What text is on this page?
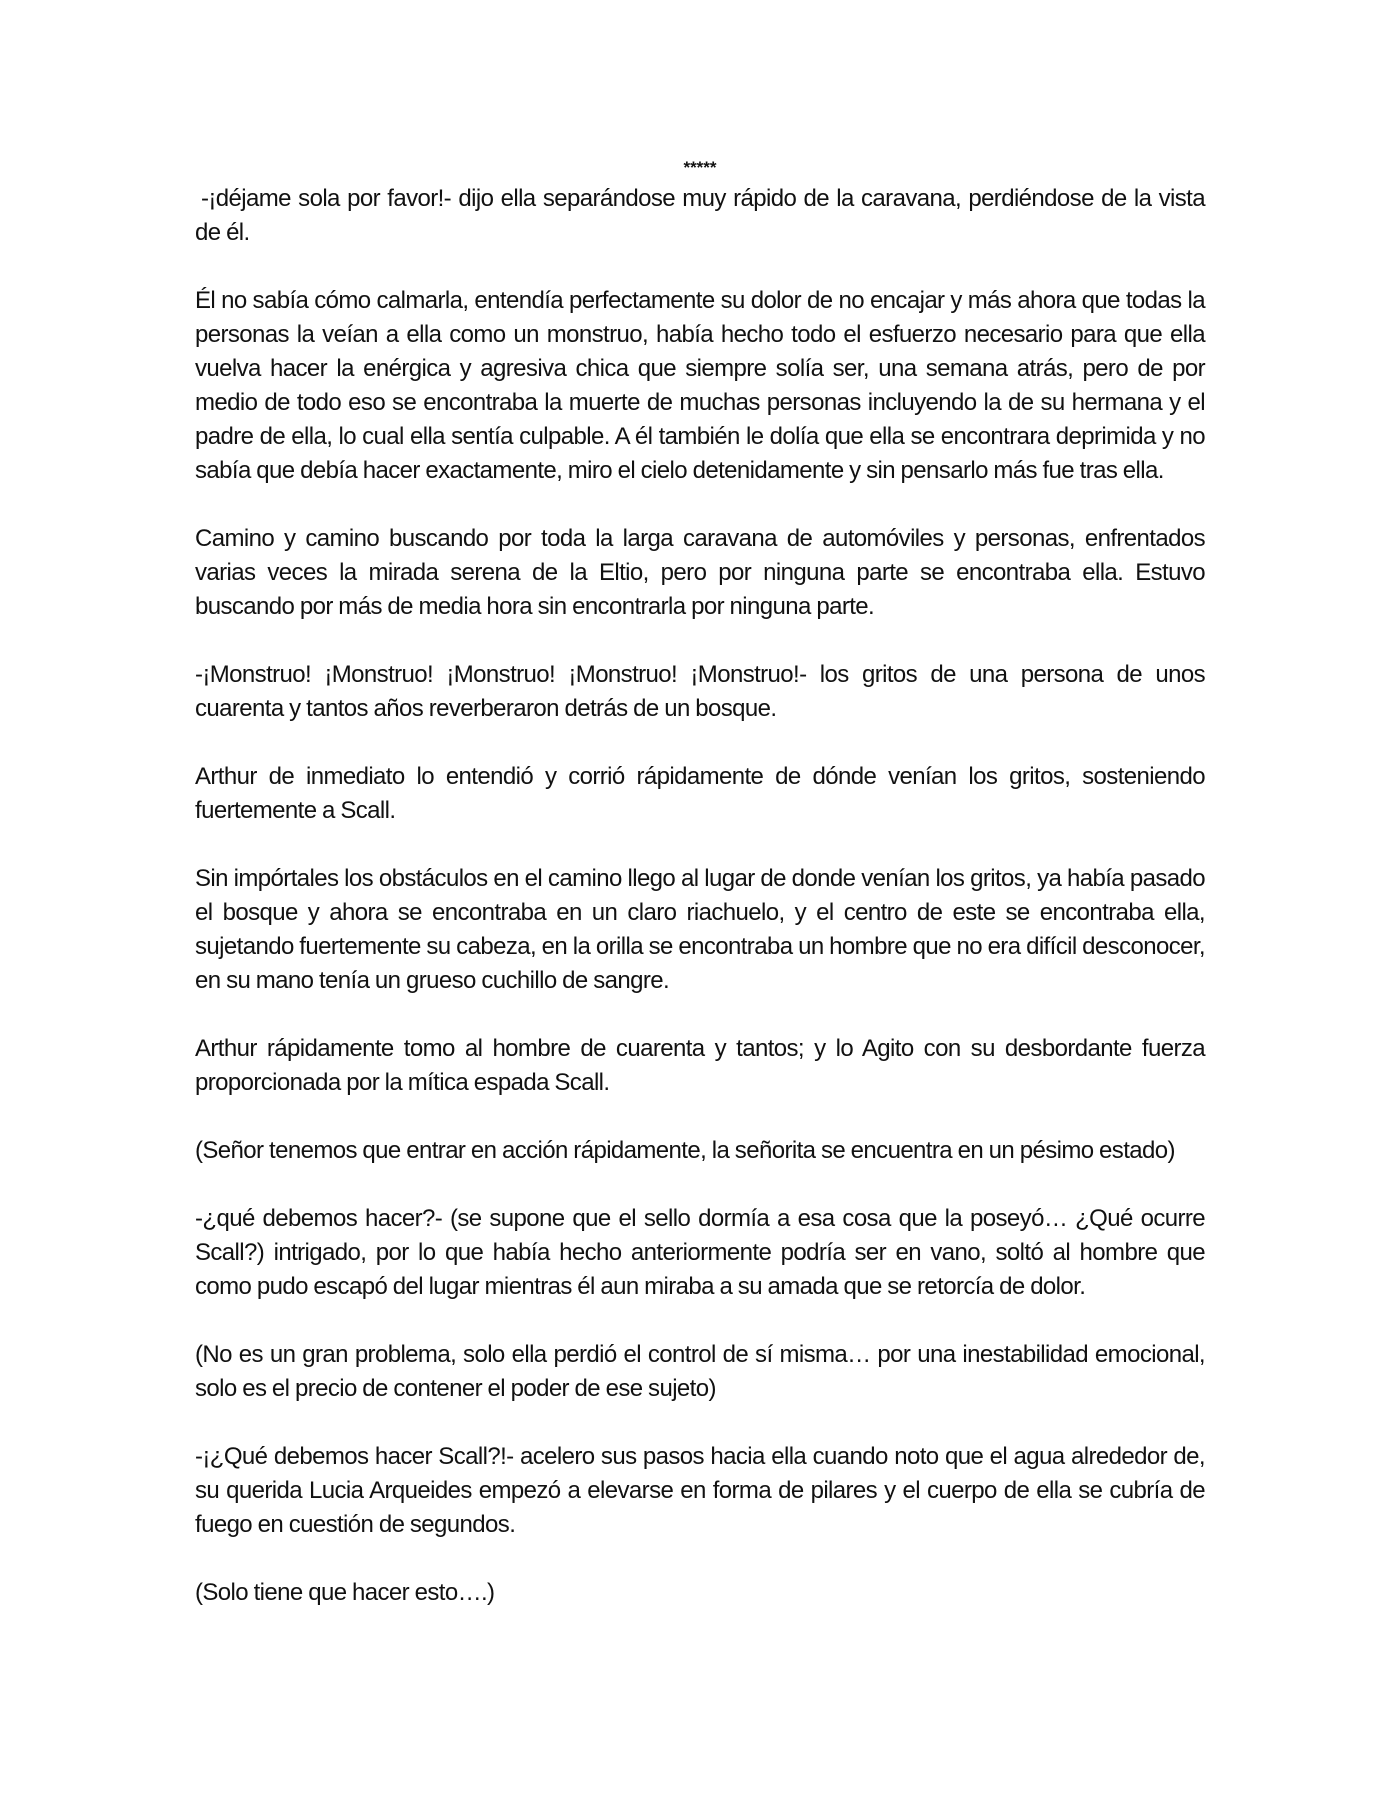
*****

-¡déjame sola por favor!- dijo ella separándose muy rápido de la caravana, perdiéndose de la vista de él.

Él no sabía cómo calmarla, entendía perfectamente su dolor de no encajar y más ahora que todas la personas la veían a ella como un monstruo, había hecho todo el esfuerzo necesario para que ella vuelva hacer la enérgica y agresiva chica que siempre solía ser, una semana atrás, pero de por medio de todo eso se encontraba la muerte de muchas personas incluyendo la de su hermana y el padre de ella, lo cual ella sentía culpable. A él también le dolía que ella se encontrara deprimida y no sabía que debía hacer exactamente, miro el cielo detenidamente y sin pensarlo más fue tras ella.

Camino y camino buscando por toda la larga caravana de automóviles y personas, enfrentados varias veces la mirada serena de la Eltio, pero por ninguna parte se encontraba ella. Estuvo buscando por más de media hora sin encontrarla por ninguna parte.

-¡Monstruo! ¡Monstruo! ¡Monstruo! ¡Monstruo! ¡Monstruo!- los gritos de una persona de unos cuarenta y tantos años reverberaron detrás de un bosque.

Arthur de inmediato lo entendió y corrió rápidamente de dónde venían los gritos, sosteniendo fuertemente a Scall.

Sin impórtales los obstáculos en el camino llego al lugar de donde venían los gritos, ya había pasado el bosque y ahora se encontraba en un claro riachuelo, y el centro de este se encontraba ella, sujetando fuertemente su cabeza, en la orilla se encontraba un hombre que no era difícil desconocer, en su mano tenía un grueso cuchillo de sangre.

Arthur rápidamente tomo al hombre de cuarenta y tantos; y lo Agito con su desbordante fuerza proporcionada por la mítica espada Scall.

(Señor tenemos que entrar en acción rápidamente, la señorita se encuentra en un pésimo estado)

-¿qué debemos hacer?- (se supone que el sello dormía a esa cosa que la poseyó… ¿Qué ocurre Scall?) intrigado, por lo que había hecho anteriormente podría ser en vano, soltó al hombre que como pudo escapó del lugar mientras él aun miraba a su amada que se retorcía de dolor.

(No es un gran problema, solo ella perdió el control de sí misma… por una inestabilidad emocional, solo es el precio de contener el poder de ese sujeto)

-¡¿Qué debemos hacer Scall?!- acelero sus pasos hacia ella cuando noto que el agua alrededor de, su querida Lucia Arqueides empezó a elevarse en forma de pilares y el cuerpo de ella se cubría de fuego en cuestión de segundos.

(Solo tiene que hacer esto….)
